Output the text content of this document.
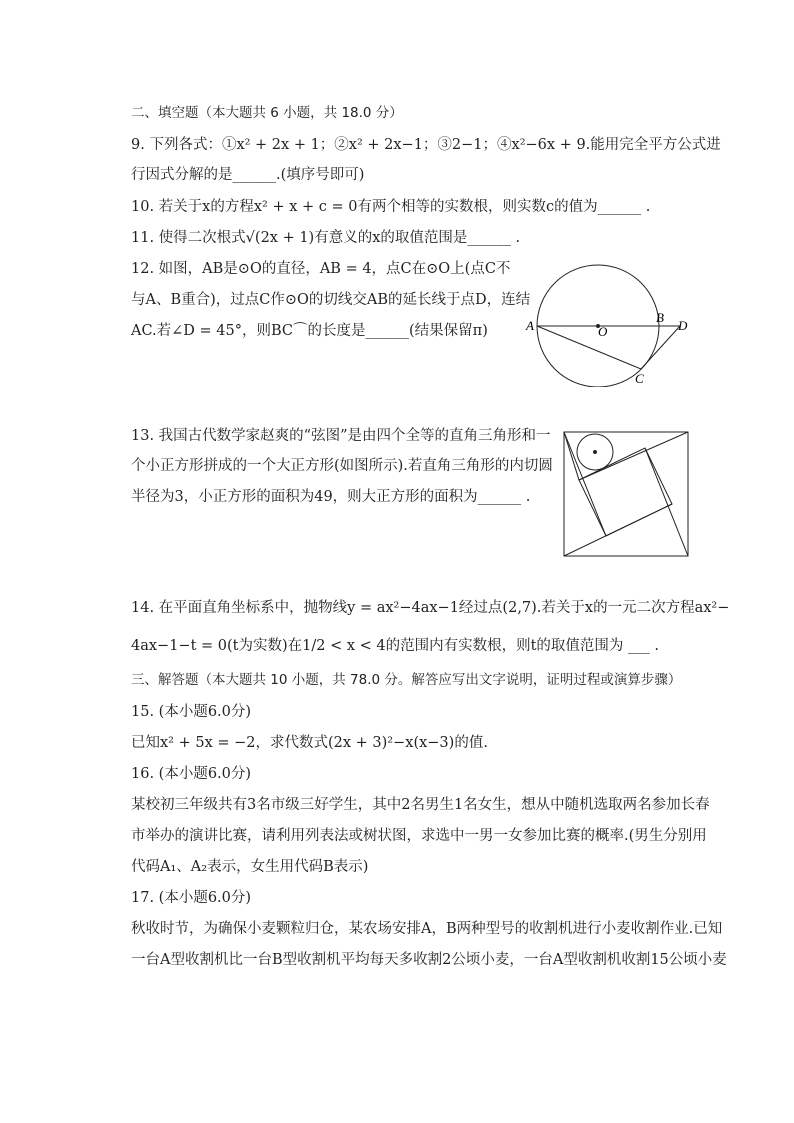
二、填空题（本大题共 6 小题，共 18.0 分）
9. 下列各式：①x² + 2x + 1；②x² + 2x−1；③2−1；④x²−6x + 9.能用完全平方公式进
行因式分解的是______.(填序号即可)
10. 若关于x的方程x² + x + c = 0有两个相等的实数根，则实数c的值为______ .
11. 使得二次根式√(2x + 1)有意义的x的取值范围是______ .
12. 如图，AB是⊙O的直径，AB = 4，点C在⊙O上(点C不
与A、B重合)，过点C作⊙O的切线交AB的延长线于点D，连结
AC.若∠D = 45°，则BC⌒的长度是______(结果保留π)	A	O
B
D
C
13. 我国古代数学家赵爽的“弦图”是由四个全等的直角三角形和一
个小正方形拼成的一个大正方形(如图所示).若直角三角形的内切圆
半径为3，小正方形的面积为49，则大正方形的面积为______ .
14. 在平面直角坐标系中，抛物线y = ax²−4ax−1经过点(2,7).若关于x的一元二次方程ax²−
4ax−1−t = 0(t为实数)在1/2 < x < 4的范围内有实数根，则t的取值范围为 ___ .
三、解答题（本大题共 10 小题，共 78.0 分。解答应写出文字说明，证明过程或演算步骤）
15. (本小题6.0分)
已知x² + 5x = −2，求代数式(2x + 3)²−x(x−3)的值.
16. (本小题6.0分)
某校初三年级共有3名市级三好学生，其中2名男生1名女生，想从中随机选取两名参加长春
市举办的演讲比赛，请利用列表法或树状图，求选中一男一女参加比赛的概率.(男生分别用
代码A₁、A₂表示，女生用代码B表示)
17. (本小题6.0分)
秋收时节，为确保小麦颗粒归仓，某农场安排A，B两种型号的收割机进行小麦收割作业.已知
一台A型收割机比一台B型收割机平均每天多收割2公顷小麦，一台A型收割机收割15公顷小麦
